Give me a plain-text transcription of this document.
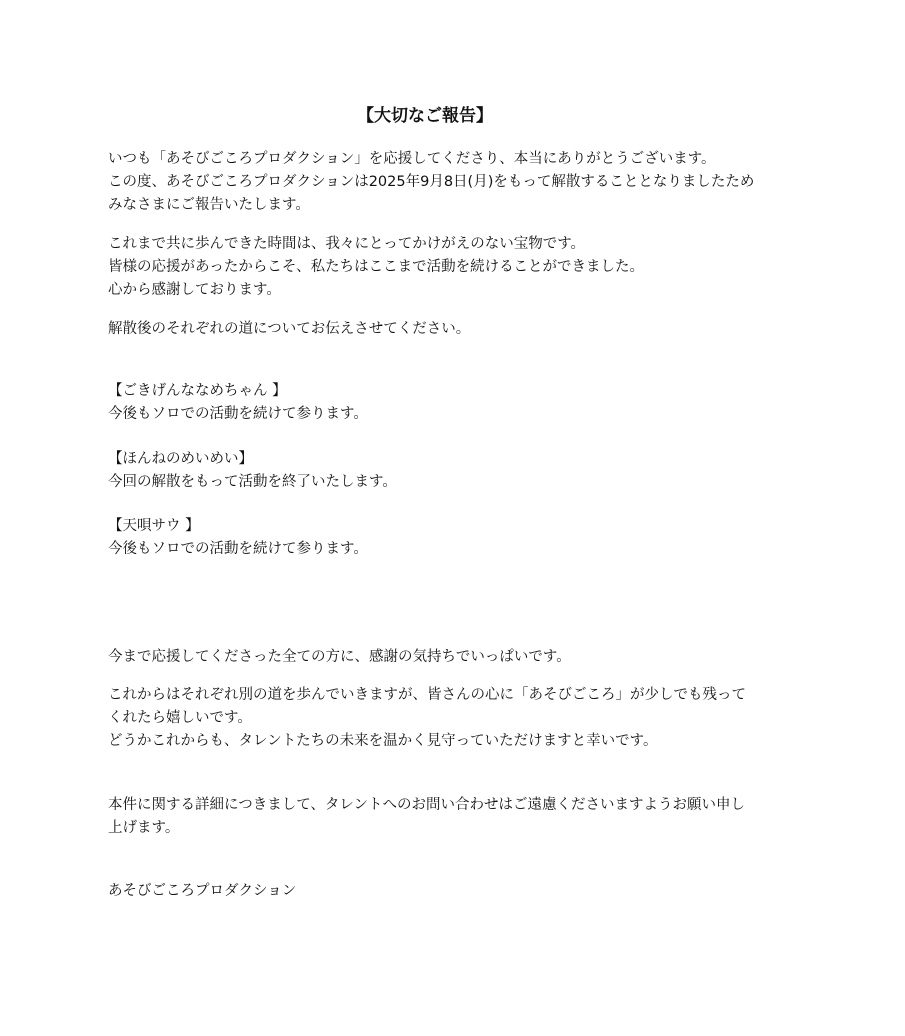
【大切なご報告】
いつも「あそびごころプロダクション」を応援してくださり、本当にありがとうございます。
この度、あそびごころプロダクションは2025年9月8日(月)をもって解散することとなりましたため
みなさまにご報告いたします。
これまで共に歩んできた時間は、我々にとってかけがえのない宝物です。
皆様の応援があったからこそ、私たちはここまで活動を続けることができました。
心から感謝しております。
解散後のそれぞれの道についてお伝えさせてください。
【ごきげんななめちゃん 】
今後もソロでの活動を続けて参ります。
【ほんねのめいめい】
今回の解散をもって活動を終了いたします。
【天唄サウ 】
今後もソロでの活動を続けて参ります。
今まで応援してくださった全ての方に、感謝の気持ちでいっぱいです。
これからはそれぞれ別の道を歩んでいきますが、皆さんの心に「あそびごころ」が少しでも残って
くれたら嬉しいです。
どうかこれからも、タレントたちの未来を温かく見守っていただけますと幸いです。
本件に関する詳細につきまして、タレントへのお問い合わせはご遠慮くださいますようお願い申し
上げます。
あそびごころプロダクション
